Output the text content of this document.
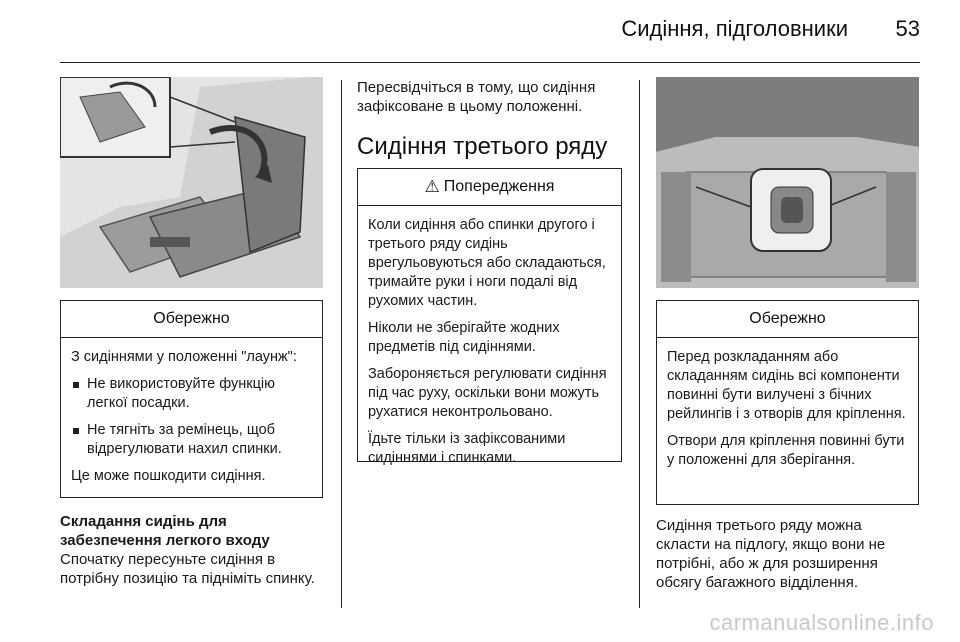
Сидіння, підголовники 53
Обережно

З сидіннями у положенні "лаунж":

Не використовуйте функцію легкої посадки.
Не тягніть за ремінець, щоб відрегулювати нахил спинки.

Це може пошкодити сидіння.

Складання сидінь для забезпечення легкого входу

Спочатку пересуньте сидіння в потрібну позицію та підніміть спинку.

Пересвідчіться в тому, що сидіння зафіксоване в цьому положенні.
Сидіння третього ряду
⚠ Попередження

Коли сидіння або спинки другого і третього ряду сидінь врегульовуються або складаються, тримайте руки і ноги подалі від рухомих частин.

Ніколи не зберігайте жодних предметів під сидіннями.

Забороняється регулювати сидіння під час руху, оскільки вони можуть рухатися неконтрольовано.

Їдьте тільки із зафіксованими сидіннями і спинками.

Обережно

Перед розкладанням або складанням сидінь всі компоненти повинні бути вилучені з бічних рейлингів і з отворів для кріплення.

Отвори для кріплення повинні бути у положенні для зберігання.

Сидіння третього ряду можна скласти на підлогу, якщо вони не потрібні, або ж для розширення обсягу багажного відділення.
carmanualsonline.info
